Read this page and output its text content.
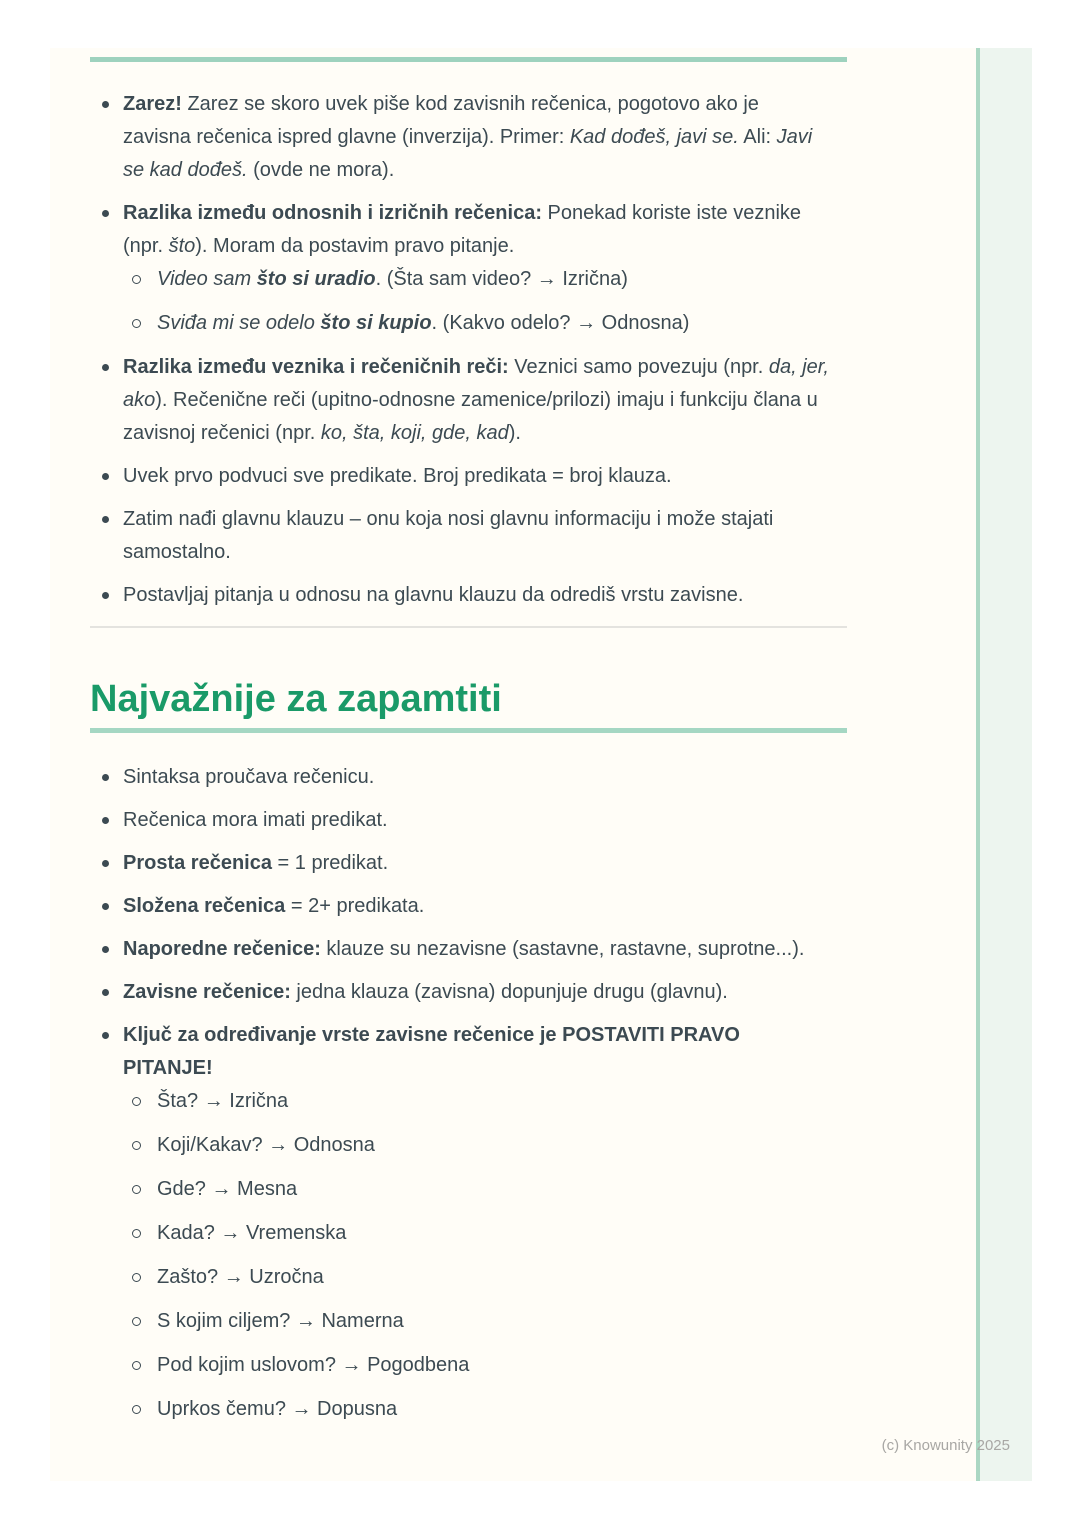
Zarez! Zarez se skoro uvek piše kod zavisnih rečenica, pogotovo ako je zavisna rečenica ispred glavne (inverzija). Primer: Kad dođeš, javi se. Ali: Javi se kad dođeš. (ovde ne mora).
Razlika između odnosnih i izričnih rečenica: Ponekad koriste iste veznike (npr. što). Moram da postavim pravo pitanje.
Video sam što si uradio. (Šta sam video? → Izrična)
Sviđa mi se odelo što si kupio. (Kakvo odelo? → Odnosna)
Razlika između veznika i rečeničnih reči: Veznici samo povezuju (npr. da, jer, ako). Rečenične reči (upitno-odnosne zamenice/prilozi) imaju i funkciju člana u zavisnoj rečenici (npr. ko, šta, koji, gde, kad).
Uvek prvo podvuci sve predikate. Broj predikata = broj klauza.
Zatim nađi glavnu klauzu – onu koja nosi glavnu informaciju i može stajati samostalno.
Postavljaj pitanja u odnosu na glavnu klauzu da odrediš vrstu zavisne.
Najvažnije za zapamtiti
Sintaksa proučava rečenicu.
Rečenica mora imati predikat.
Prosta rečenica = 1 predikat.
Složena rečenica = 2+ predikata.
Naporedne rečenice: klauze su nezavisne (sastavne, rastavne, suprotne...).
Zavisne rečenice: jedna klauza (zavisna) dopunjuje drugu (glavnu).
Ključ za određivanje vrste zavisne rečenice je POSTAVITI PRAVO PITANJE!
Šta? → Izrična
Koji/Kakav? → Odnosna
Gde? → Mesna
Kada? → Vremenska
Zašto? → Uzročna
S kojim ciljem? → Namerna
Pod kojim uslovom? → Pogodbena
Uprkos čemu? → Dopusna
(c) Knowunity 2025
